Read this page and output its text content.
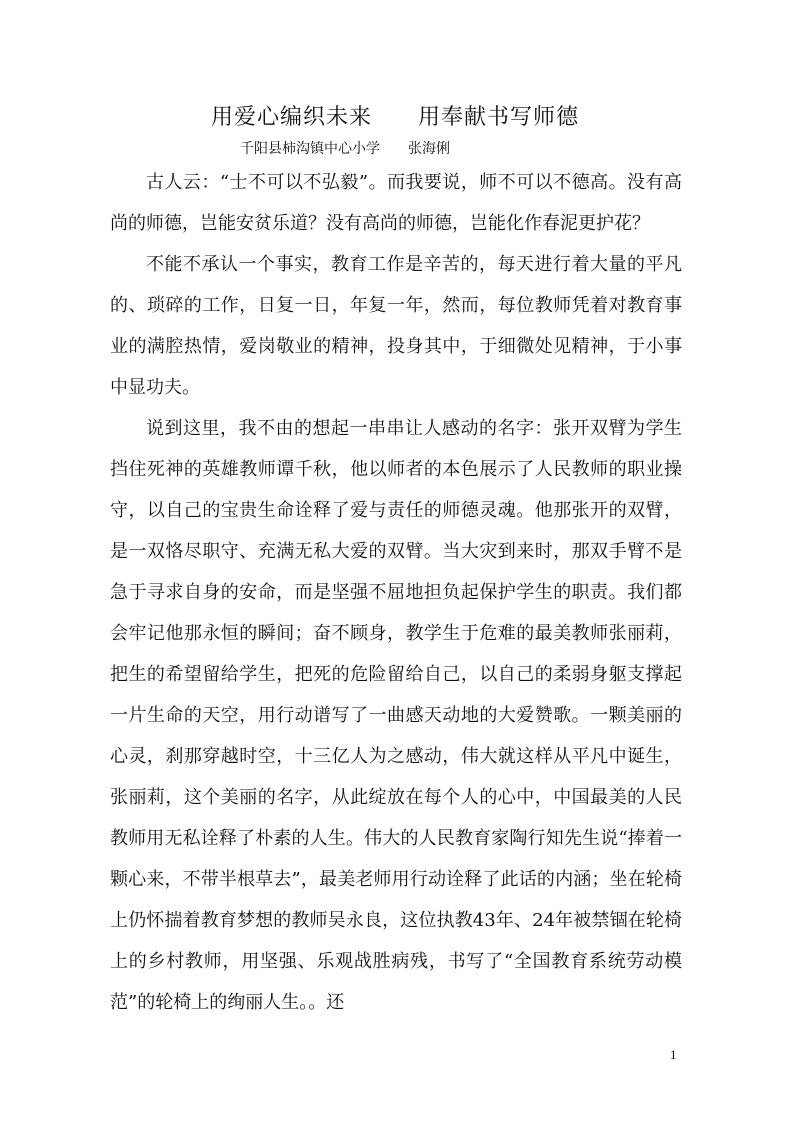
用爱心编织未来　　用奉献书写师德

千阳县柿沟镇中心小学　　张海俐

古人云：“士不可以不弘毅”。而我要说，师不可以不德高。没有高尚的师德，岂能安贫乐道？没有高尚的师德，岂能化作春泥更护花？

不能不承认一个事实，教育工作是辛苦的，每天进行着大量的平凡的、琐碎的工作，日复一日，年复一年，然而，每位教师凭着对教育事业的满腔热情，爱岗敬业的精神，投身其中，于细微处见精神，于小事中显功夫。

说到这里，我不由的想起一串串让人感动的名字：张开双臂为学生挡住死神的英雄教师谭千秋，他以师者的本色展示了人民教师的职业操守，以自己的宝贵生命诠释了爱与责任的师德灵魂。他那张开的双臂，是一双恪尽职守、充满无私大爱的双臂。当大灾到来时，那双手臂不是急于寻求自身的安命，而是坚强不屈地担负起保护学生的职责。我们都会牢记他那永恒的瞬间；奋不顾身，教学生于危难的最美教师张丽莉，把生的希望留给学生，把死的危险留给自己，以自己的柔弱身躯支撑起一片生命的天空，用行动谱写了一曲感天动地的大爱赞歌。一颗美丽的心灵，刹那穿越时空，十三亿人为之感动，伟大就这样从平凡中诞生，张丽莉，这个美丽的名字，从此绽放在每个人的心中，中国最美的人民教师用无私诠释了朴素的人生。伟大的人民教育家陶行知先生说“捧着一颗心来，不带半根草去”，最美老师用行动诠释了此话的内涵；坐在轮椅上仍怀揣着教育梦想的教师吴永良，这位执教43年、24年被禁锢在轮椅上的乡村教师，用坚强、乐观战胜病残，书写了“全国教育系统劳动模范”的轮椅上的绚丽人生。。还

1
